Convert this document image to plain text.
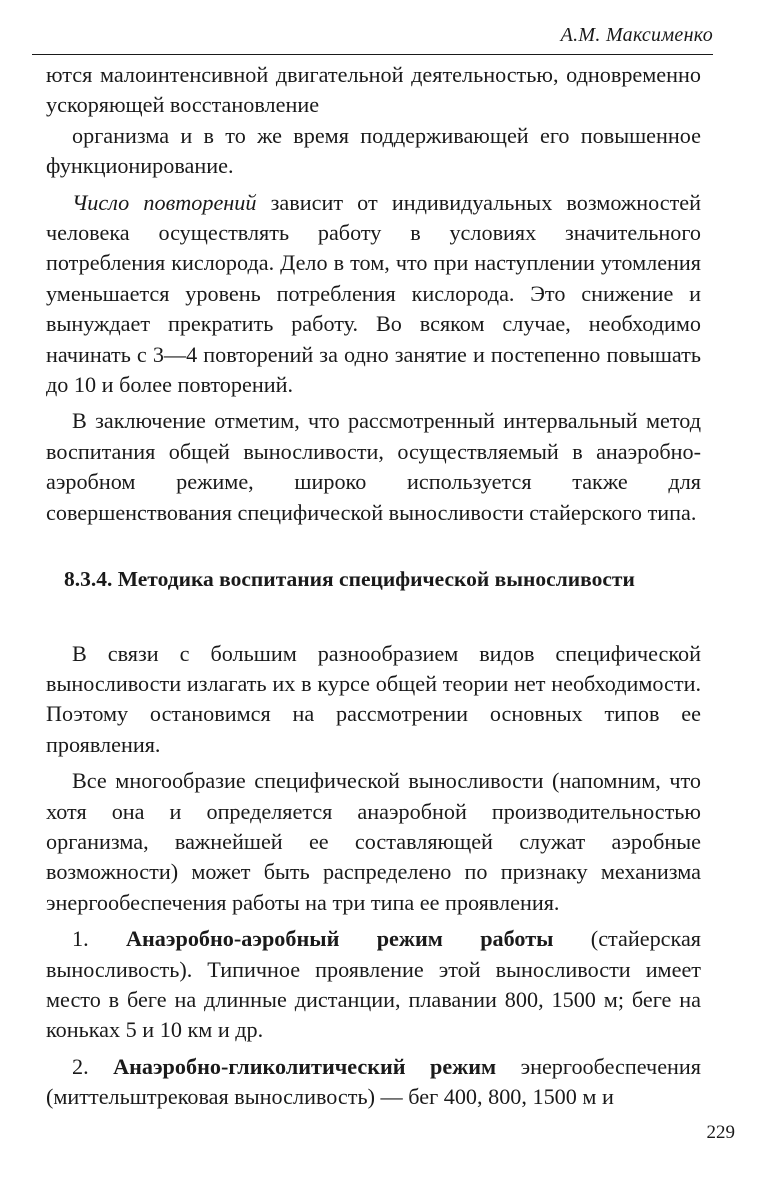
А.М. Максименко

ются малоинтенсивной двигательной деятельностью, одновременно ускоряющей восстановление

организма и в то же время поддерживающей его повышенное функционирование.

Число повторений зависит от индивидуальных возможностей человека осуществлять работу в условиях значительного потребления кислорода. Дело в том, что при наступлении утомления уменьшается уровень потребления кислорода. Это снижение и вынуждает прекратить работу. Во всяком случае, необходимо начинать с 3—4 повторений за одно занятие и постепенно повышать до 10 и более повторений.

В заключение отметим, что рассмотренный интервальный метод воспитания общей выносливости, осуществляемый в анаэробно-аэробном режиме, широко используется также для совершенствования специфической выносливости стайерского типа.

8.3.4. Методика воспитания специфической выносливости

В связи с большим разнообразием видов специфической выносливости излагать их в курсе общей теории нет необходимости. Поэтому остановимся на рассмотрении основных типов ее проявления.

Все многообразие специфической выносливости (напомним, что хотя она и определяется анаэробной производительностью организма, важнейшей ее составляющей служат аэробные возможности) может быть распределено по признаку механизма энергообеспечения работы на три типа ее проявления.

1. Анаэробно-аэробный режим работы (стайерская выносливость). Типичное проявление этой выносливости имеет место в беге на длинные дистанции, плавании 800, 1500 м; беге на коньках 5 и 10 км и др.

2. Анаэробно-гликолитический режим энергообеспечения (миттельштрековая выносливость) — бег 400, 800, 1500 м и

229
